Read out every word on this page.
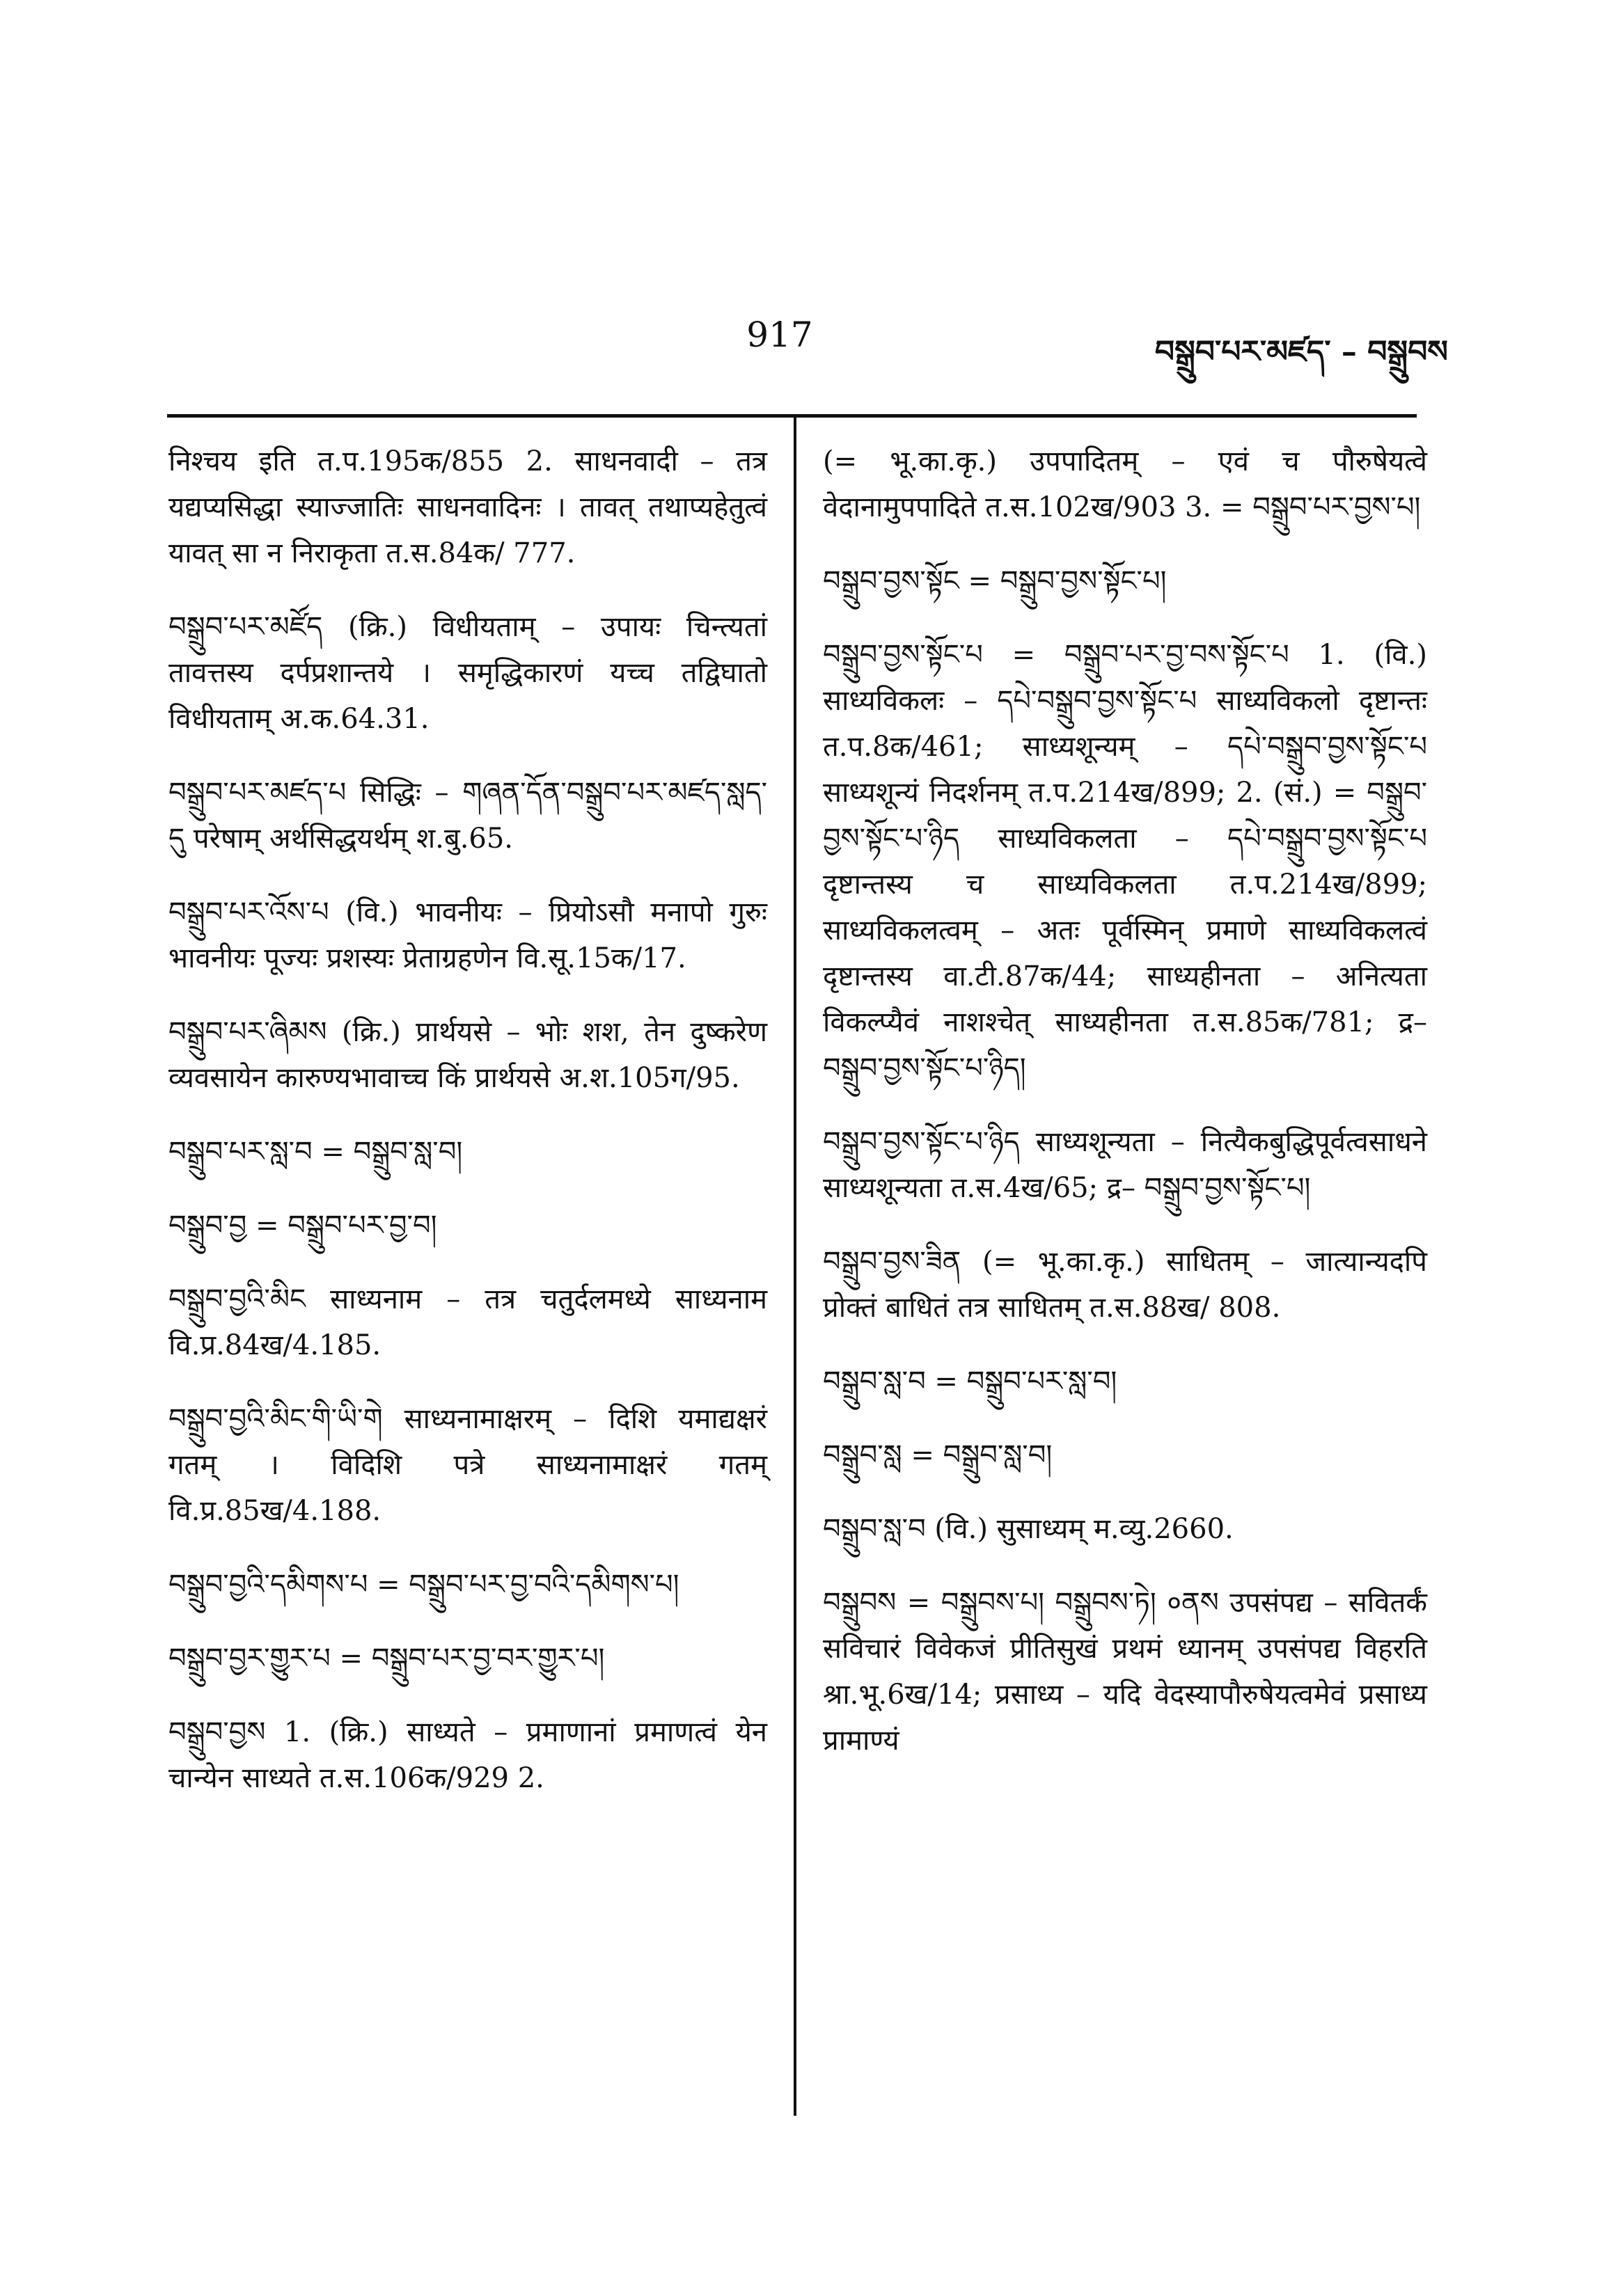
917	བསྒྲུབ་པར་མཛད་ – བསྒྲུབས
निश्चय इति त.प.195क/855 2. साधनवादी – तत्र यद्यप्यसिद्धा स्याज्जातिः साधनवादिनः । तावत् तथाप्यहेतुत्वं यावत् सा न निराकृता त.स.84क/ 777.
བསྒྲུབ་པར་མཛོད (क्रि.) विधीयताम् – उपायः चिन्त्यतां तावत्तस्य दर्पप्रशान्तये । समृद्धिकारणं यच्च तद्विघातो विधीयताम् अ.क.64.31.
བསྒྲུབ་པར་མཛད་པ सिद्धिः – གཞན་དོན་བསྒྲུབ་པར་མཛད་སླད་དུ परेषाम् अर्थसिद्धयर्थम् श.बु.65.
བསྒྲུབ་པར་འོས་པ (वि.) भावनीयः – प्रियोऽसौ मनापो गुरुः भावनीयः पूज्यः प्रशस्यः प्रेताग्रहणेन वि.सू.15क/17.
བསྒྲུབ་པར་ཞིམས (क्रि.) प्रार्थयसे – भोः शश, तेन दुष्करेण व्यवसायेन कारुण्यभावाच्च किं प्रार्थयसे अ.श.105ग/95.
བསྒྲུབ་པར་སླ་བ = བསྒྲུབ་སླ་བ།
བསྒྲུབ་བྱ = བསྒྲུབ་པར་བྱ་བ།
བསྒྲུབ་བྱའི་མིང साध्यनाम – तत्र चतुर्दलमध्ये साध्यनाम वि.प्र.84ख/4.185.
བསྒྲུབ་བྱའི་མིང་གི་ཡི་གེ साध्यनामाक्षरम् – दिशि यमाद्यक्षरं गतम् । विदिशि पत्रे साध्यनामाक्षरं गतम् वि.प्र.85ख/4.188.
བསྒྲུབ་བྱའི་དམིགས་པ = བསྒྲུབ་པར་བྱ་བའི་དམིགས་པ།
བསྒྲུབ་བྱར་གྱུར་པ = བསྒྲུབ་པར་བྱ་བར་གྱུར་པ།
བསྒྲུབ་བྱས 1. (क्रि.) साध्यते – प्रमाणानां प्रमाणत्वं येन चान्येन साध्यते त.स.106क/929 2.
(= भू.का.कृ.) उपपादितम् – एवं च पौरुषेयत्वे वेदानामुपपादिते त.स.102ख/903 3. = བསྒྲུབ་པར་བྱས་པ།
བསྒྲུབ་བྱས་སྟོང = བསྒྲུབ་བྱས་སྟོང་པ།
བསྒྲུབ་བྱས་སྟོང་པ = བསྒྲུབ་པར་བྱ་བས་སྟོང་པ 1. (वि.) साध्यविकलः – དཔེ་བསྒྲུབ་བྱས་སྟོང་པ साध्यविकलो दृष्टान्तः त.प.8क/461; साध्यशून्यम् – དཔེ་བསྒྲུབ་བྱས་སྟོང་པ साध्यशून्यं निदर्शनम् त.प.214ख/899; 2. (सं.) = བསྒྲུབ་བྱས་སྟོང་པ་ཉིད साध्यविकलता – དཔེ་བསྒྲུབ་བྱས་སྟོང་པ दृष्टान्तस्य च साध्यविकलता त.प.214ख/899; साध्यविकलत्वम् – अतः पूर्वस्मिन् प्रमाणे साध्यविकलत्वं दृष्टान्तस्य वा.टी.87क/44; साध्यहीनता – अनित्यता विकल्प्यैवं नाशश्चेत् साध्यहीनता त.स.85क/781; द्र– བསྒྲུབ་བྱས་སྟོང་པ་ཉིད།
བསྒྲུབ་བྱས་སྟོང་པ་ཉིད साध्यशून्यता – नित्यैकबुद्धिपूर्वत्वसाधने साध्यशून्यता त.स.4ख/65; द्र– བསྒྲུབ་བྱས་སྟོང་པ།
བསྒྲུབ་བྱས་ཟིན (= भू.का.कृ.) साधितम् – जात्यान्यदपि प्रोक्तं बाधितं तत्र साधितम् त.स.88ख/ 808.
བསྒྲུབ་སླ་བ = བསྒྲུབ་པར་སླ་བ།
བསྒྲུབ་སླ = བསྒྲུབ་སླ་བ།
བསྒྲུབ་སླ་བ (वि.) सुसाध्यम् म.व्यु.2660.
བསྒྲུབས = བསྒྲུབས་པ། བསྒྲུབས་ཏེ། ०ནས उपसंपद्य – सवितर्कं सविचारं विवेकजं प्रीतिसुखं प्रथमं ध्यानम् उपसंपद्य विहरति श्रा.भू.6ख/14; प्रसाध्य – यदि वेदस्यापौरुषेयत्वमेवं प्रसाध्य प्रामाण्यं
